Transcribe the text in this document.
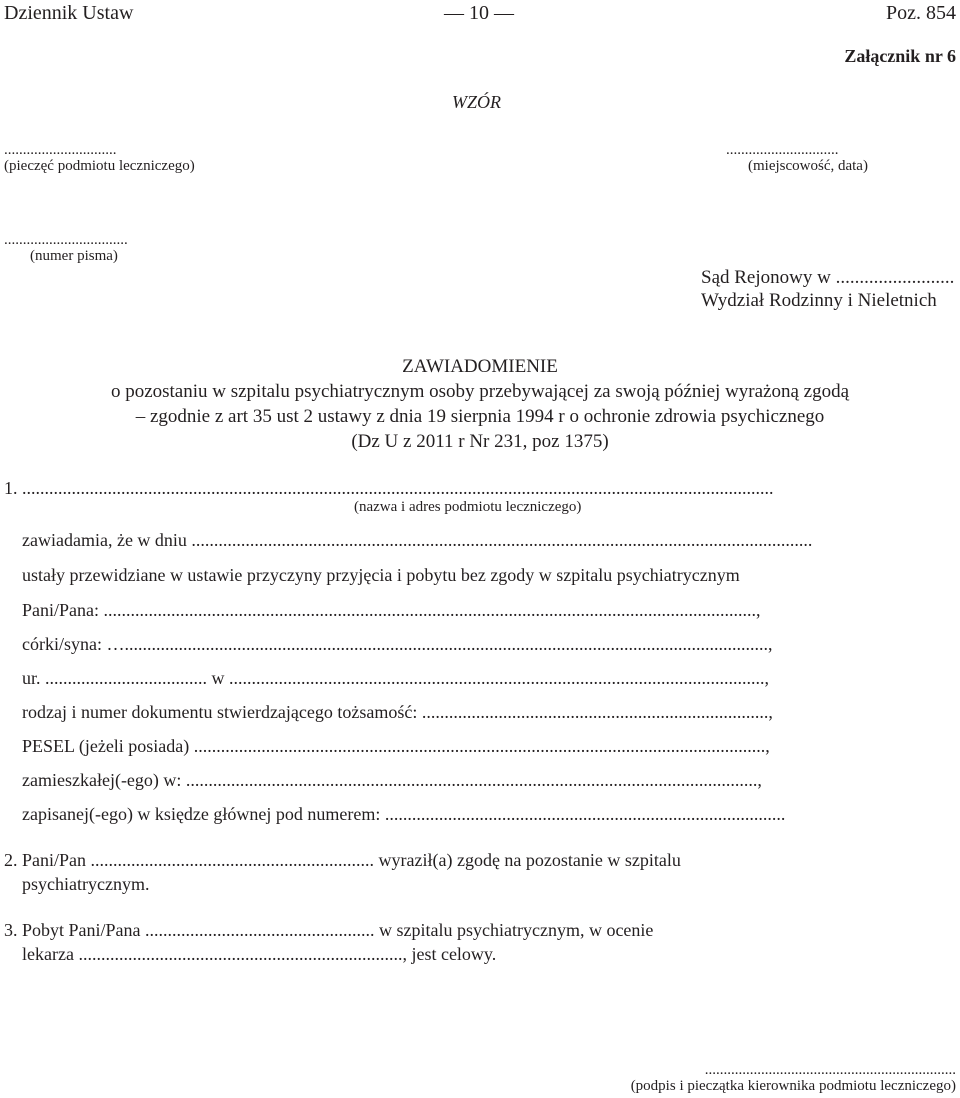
Dziennik Ustaw	— 10 —	Poz. 854
Załącznik nr 6
WZÓR
..............................
(pieczęć podmiotu leczniczego)
..............................
(miejscowość, data)
.................................
(numer pisma)
Sąd Rejonowy w .........................
Wydział Rodzinny i Nieletnich
ZAWIADOMIENIE
o pozostaniu w szpitalu psychiatrycznym osoby przebywającej za swoją później wyrażoną zgodą
– zgodnie z art 35 ust 2 ustawy z dnia 19 sierpnia 1994 r o ochronie zdrowia psychicznego
(Dz U z 2011 r Nr 231, poz 1375)
1. .......................................................................................................................................................................
(nazwa i adres podmiotu leczniczego)
zawiadamia, że w dniu ..........................................................................................................................................
ustały przewidziane w ustawie przyczyny przyjęcia i pobytu bez zgody w szpitalu psychiatrycznym
Pani/Pana: .................................................................................................................................................,
córki/syna: …...............................................................................................................................................,
ur. .................................... w .......................................................................................................................,
rodzaj i numer dokumentu stwierdzającego tożsamość: .............................................................................,
PESEL (jeżeli posiada) ...............................................................................................................................,
zamieszkałej(-ego) w: ...............................................................................................................................,
zapisanej(-ego) w księdze głównej pod numerem: .........................................................................................
2. Pani/Pan ............................................................... wyraził(a) zgodę na pozostanie w szpitalu
psychiatrycznym.
3. Pobyt Pani/Pana ................................................... w szpitalu psychiatrycznym, w ocenie
lekarza ........................................................................, jest celowy.
...................................................................
(podpis i pieczątka kierownika podmiotu leczniczego)
